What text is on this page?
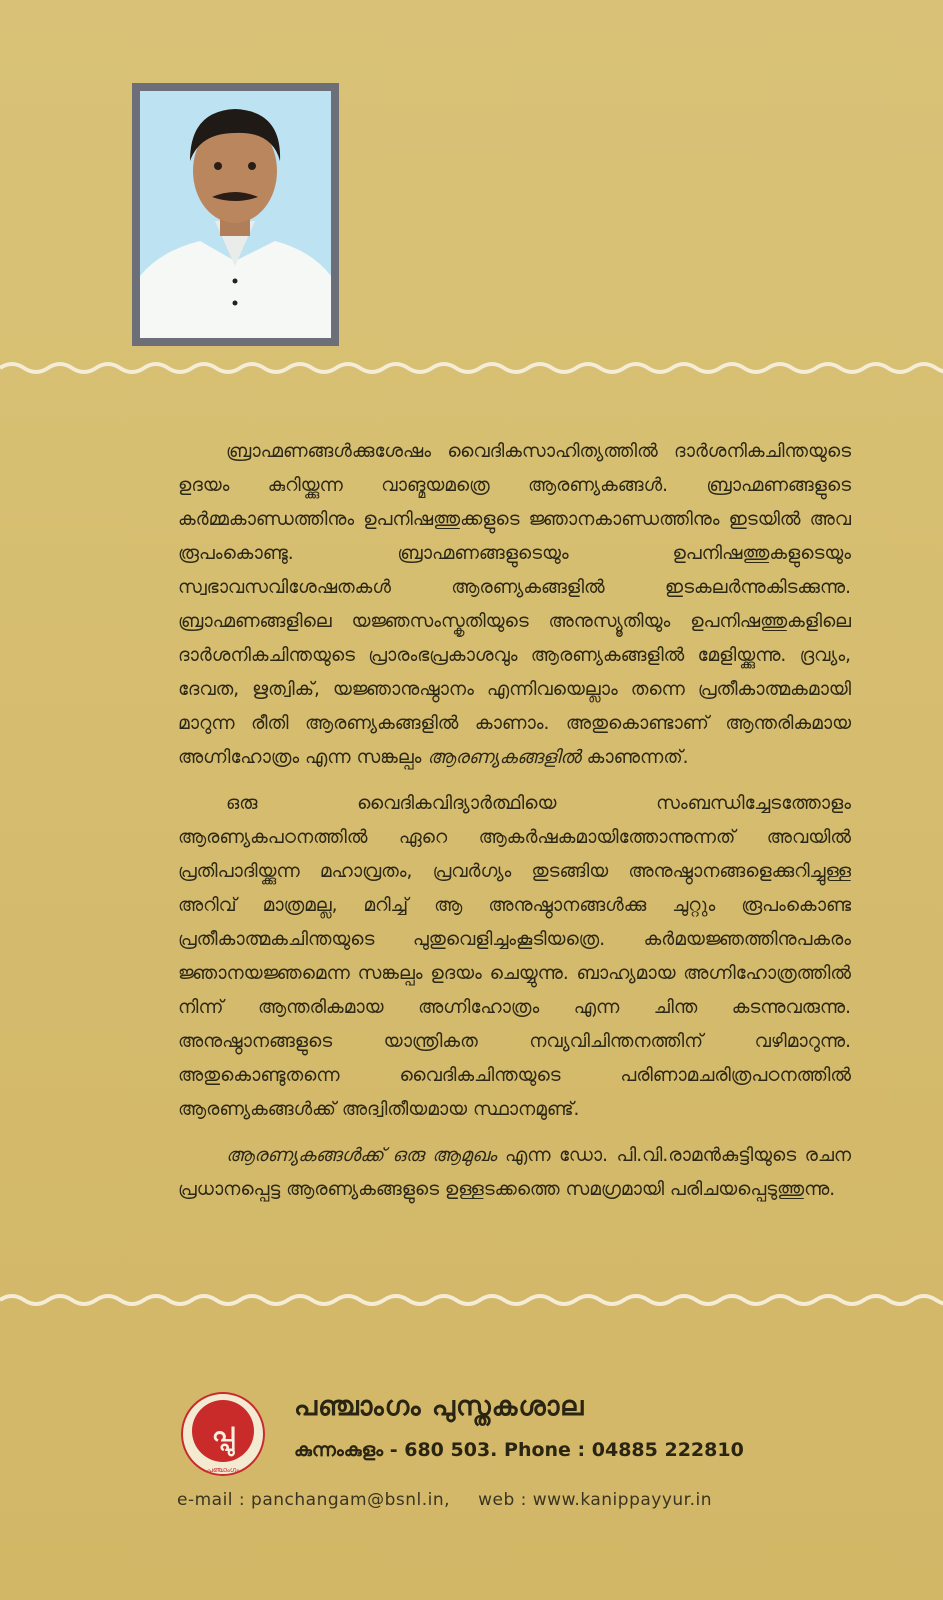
ബ്രാഹ്മണങ്ങൾക്കുശേഷം വൈദികസാഹിത്യത്തിൽ ദാർശനികചിന്തയുടെ ഉദയം കുറിയ്ക്കുന്ന വാങ്മയമത്രെ ആരണ്യകങ്ങൾ. ബ്രാഹ്മണങ്ങളുടെ കർമ്മകാണ്ഡത്തിനും ഉപനിഷത്തുക്കളുടെ ജ്ഞാനകാണ്ഡത്തിനും ഇടയിൽ അവ രൂപംകൊണ്ടു. ബ്രാഹ്മണങ്ങളുടെയും ഉപനിഷത്തുകളുടെയും സ്വഭാവസവിശേഷതകൾ ആരണ്യകങ്ങളിൽ ഇടകലർന്നുകിടക്കുന്നു. ബ്രാഹ്മണങ്ങളിലെ യജ്ഞസംസ്കൃതിയുടെ അനുസ്യൂതിയും ഉപനിഷത്തുകളിലെ ദാർശനികചിന്തയുടെ പ്രാരംഭപ്രകാശവും ആരണ്യകങ്ങളിൽ മേളിയ്ക്കുന്നു. ദ്രവ്യം, ദേവത, ഋത്വിക്, യജ്ഞാനുഷ്ഠാനം എന്നിവയെല്ലാം തന്നെ പ്രതീകാത്മകമായി മാറുന്ന രീതി ആരണ്യകങ്ങളിൽ കാണാം. അതുകൊണ്ടാണ് ആന്തരികമായ അഗ്നിഹോത്രം എന്ന സങ്കല്പം ആരണ്യകങ്ങളിൽ കാണുന്നത്.

ഒരു വൈദികവിദ്യാർത്ഥിയെ സംബന്ധിച്ചേടത്തോളം ആരണ്യകപഠനത്തിൽ ഏറെ ആകർഷകമായിത്തോന്നുന്നത് അവയിൽ പ്രതിപാദിയ്ക്കുന്ന മഹാവ്രതം, പ്രവർഗ്യം തുടങ്ങിയ അനുഷ്ഠാനങ്ങളെക്കുറിച്ചുള്ള അറിവ് മാത്രമല്ല, മറിച്ച് ആ അനുഷ്ഠാനങ്ങൾക്കു ചുറ്റും രൂപംകൊണ്ട പ്രതീകാത്മകചിന്തയുടെ പുതുവെളിച്ചംകൂടിയത്രെ. കർമയജ്ഞത്തിനുപകരം ജ്ഞാനയജ്ഞമെന്ന സങ്കല്പം ഉദയം ചെയ്യുന്നു. ബാഹ്യമായ അഗ്നിഹോത്രത്തിൽ നിന്ന് ആന്തരികമായ അഗ്നിഹോത്രം എന്ന ചിന്ത കടന്നുവരുന്നു. അനുഷ്ഠാനങ്ങളുടെ യാന്ത്രികത നവ്യവിചിന്തനത്തിന് വഴിമാറുന്നു. അതുകൊണ്ടുതന്നെ വൈദികചിന്തയുടെ പരിണാമചരിത്രപഠനത്തിൽ ആരണ്യകങ്ങൾക്ക് അദ്വിതീയമായ സ്ഥാനമുണ്ട്.

ആരണ്യകങ്ങൾക്ക് ഒരു ആമുഖം എന്ന ഡോ. പി.വി.രാമൻകുട്ടിയുടെ രചന പ്രധാനപ്പെട്ട ആരണ്യകങ്ങളുടെ ഉള്ളടക്കത്തെ സമഗ്രമായി പരിചയപ്പെടുത്തുന്നു.

പ്പു
പഞ്ചാംഗം
പഞ്ചാംഗം പുസ്തകശാല
കുന്നംകുളം - 680 503. Phone : 04885 222810
e-mail : panchangam@bsnl.in, web : www.kanippayyur.in
